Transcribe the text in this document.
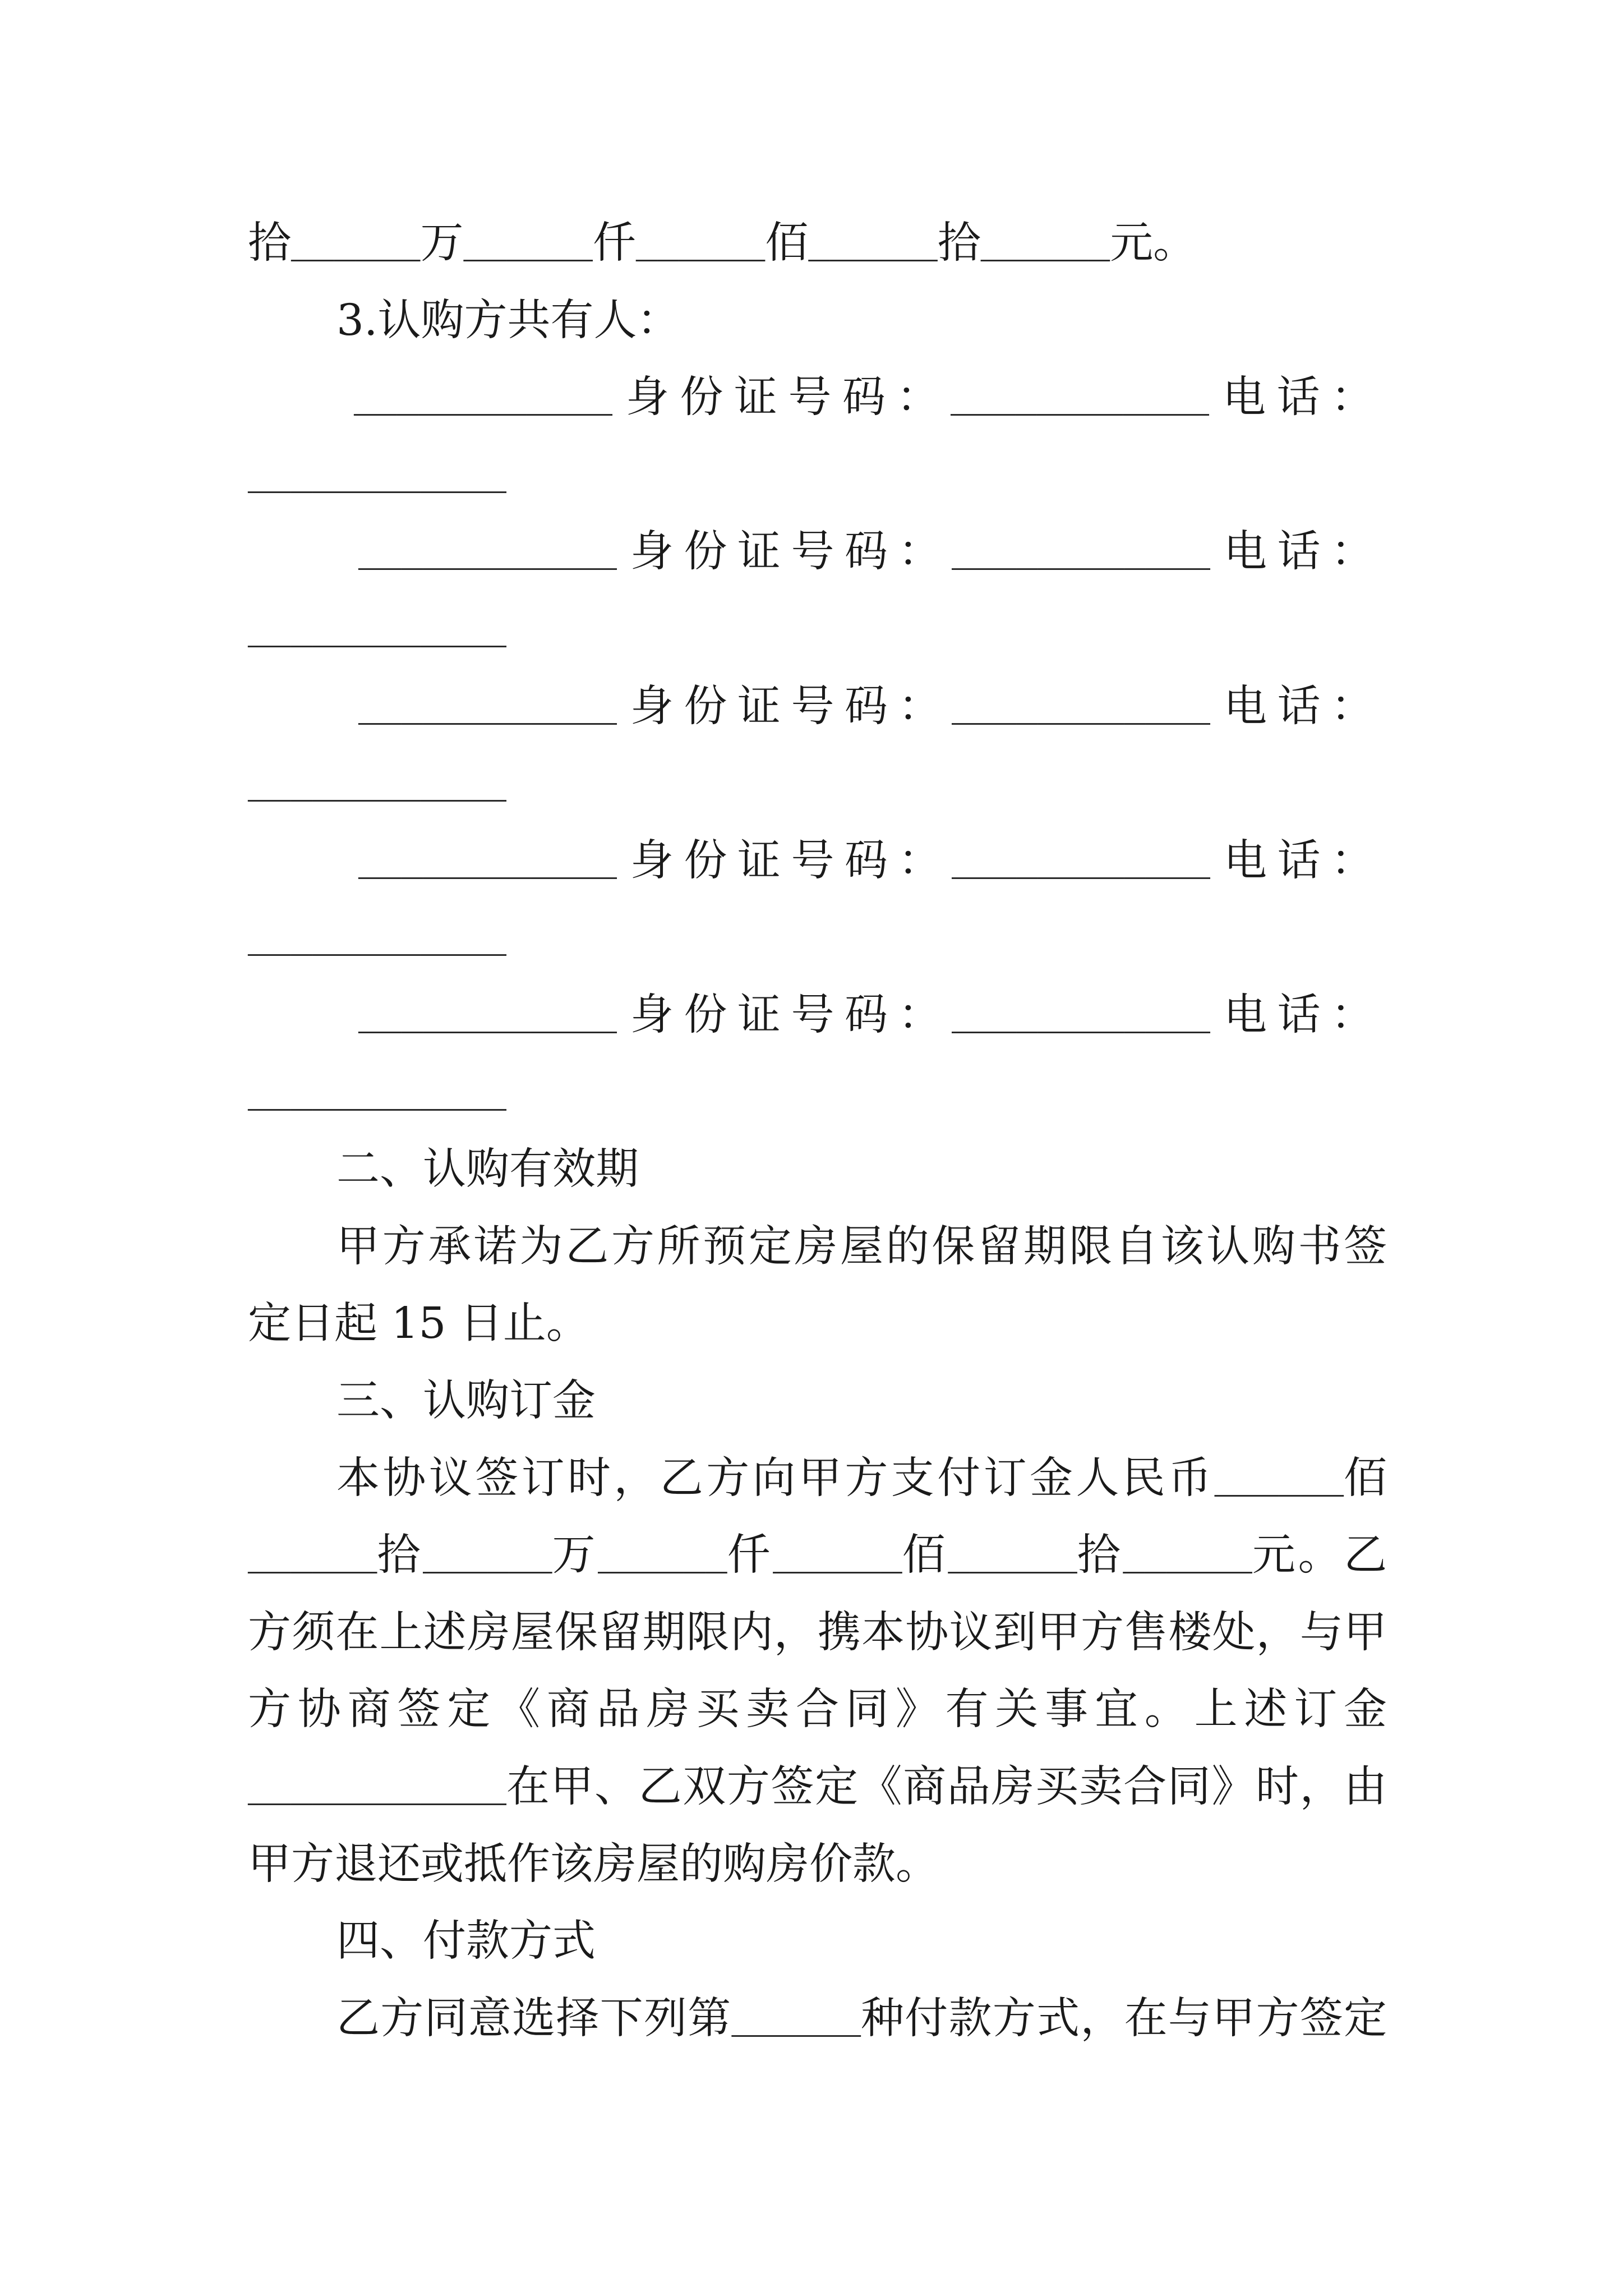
拾______万______仟______佰______拾______元。
3.认购方共有人：
____________ 身份证号码：____________ 电话：
____________
____________ 身份证号码：____________ 电话：
____________
____________ 身份证号码：____________ 电话：
____________
____________ 身份证号码：____________ 电话：
____________
____________ 身份证号码：____________ 电话：
____________
二、认购有效期
甲方承诺为乙方所预定房屋的保留期限自该认购书签
定日起 15 日止。
三、认购订金
本协议签订时，乙方向甲方支付订金人民币______佰
______拾______万______仟______佰______拾______元。乙
方须在上述房屋保留期限内，携本协议到甲方售楼处，与甲
方协商签定《商品房买卖合同》有关事宜。上述订金
____________在甲、乙双方签定《商品房买卖合同》时，由
甲方退还或抵作该房屋的购房价款。
四、付款方式
乙方同意选择下列第______种付款方式，在与甲方签定
